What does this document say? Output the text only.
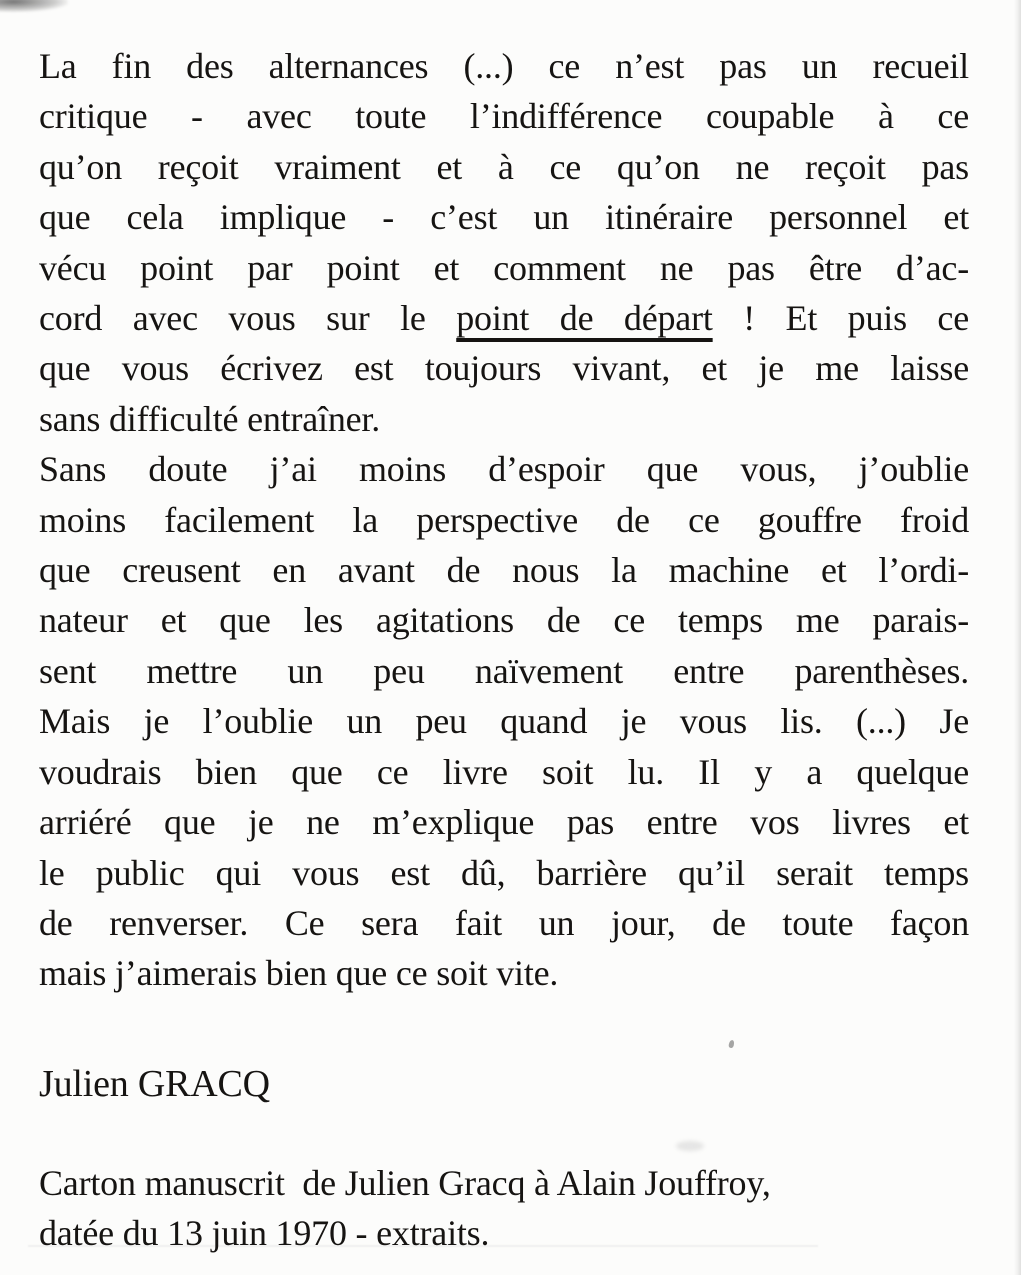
La fin des alternances (...) ce n’est pas un recueil
critique - avec toute l’indifférence coupable à ce
qu’on reçoit vraiment et à ce qu’on ne reçoit pas
que cela implique - c’est un itinéraire personnel et
vécu point par point et comment ne pas être d’ac-
cord avec vous sur le point de départ ! Et puis ce
que vous écrivez est toujours vivant, et je me laisse
sans difficulté entraîner.
Sans doute j’ai moins d’espoir que vous, j’oublie
moins facilement la perspective de ce gouffre froid
que creusent en avant de nous la machine et l’ordi-
nateur et que les agitations de ce temps me parais-
sent mettre un peu naïvement entre parenthèses.
Mais je l’oublie un peu quand je vous lis. (...) Je
voudrais bien que ce livre soit lu. Il y a quelque
arriéré que je ne m’explique pas entre vos livres et
le public qui vous est dû, barrière qu’il serait temps
de renverser. Ce sera fait un jour, de toute façon
mais j’aimerais bien que ce soit vite.
Julien GRACQ
Carton manuscrit  de Julien Gracq à Alain Jouffroy,
datée du 13 juin 1970 - extraits.
